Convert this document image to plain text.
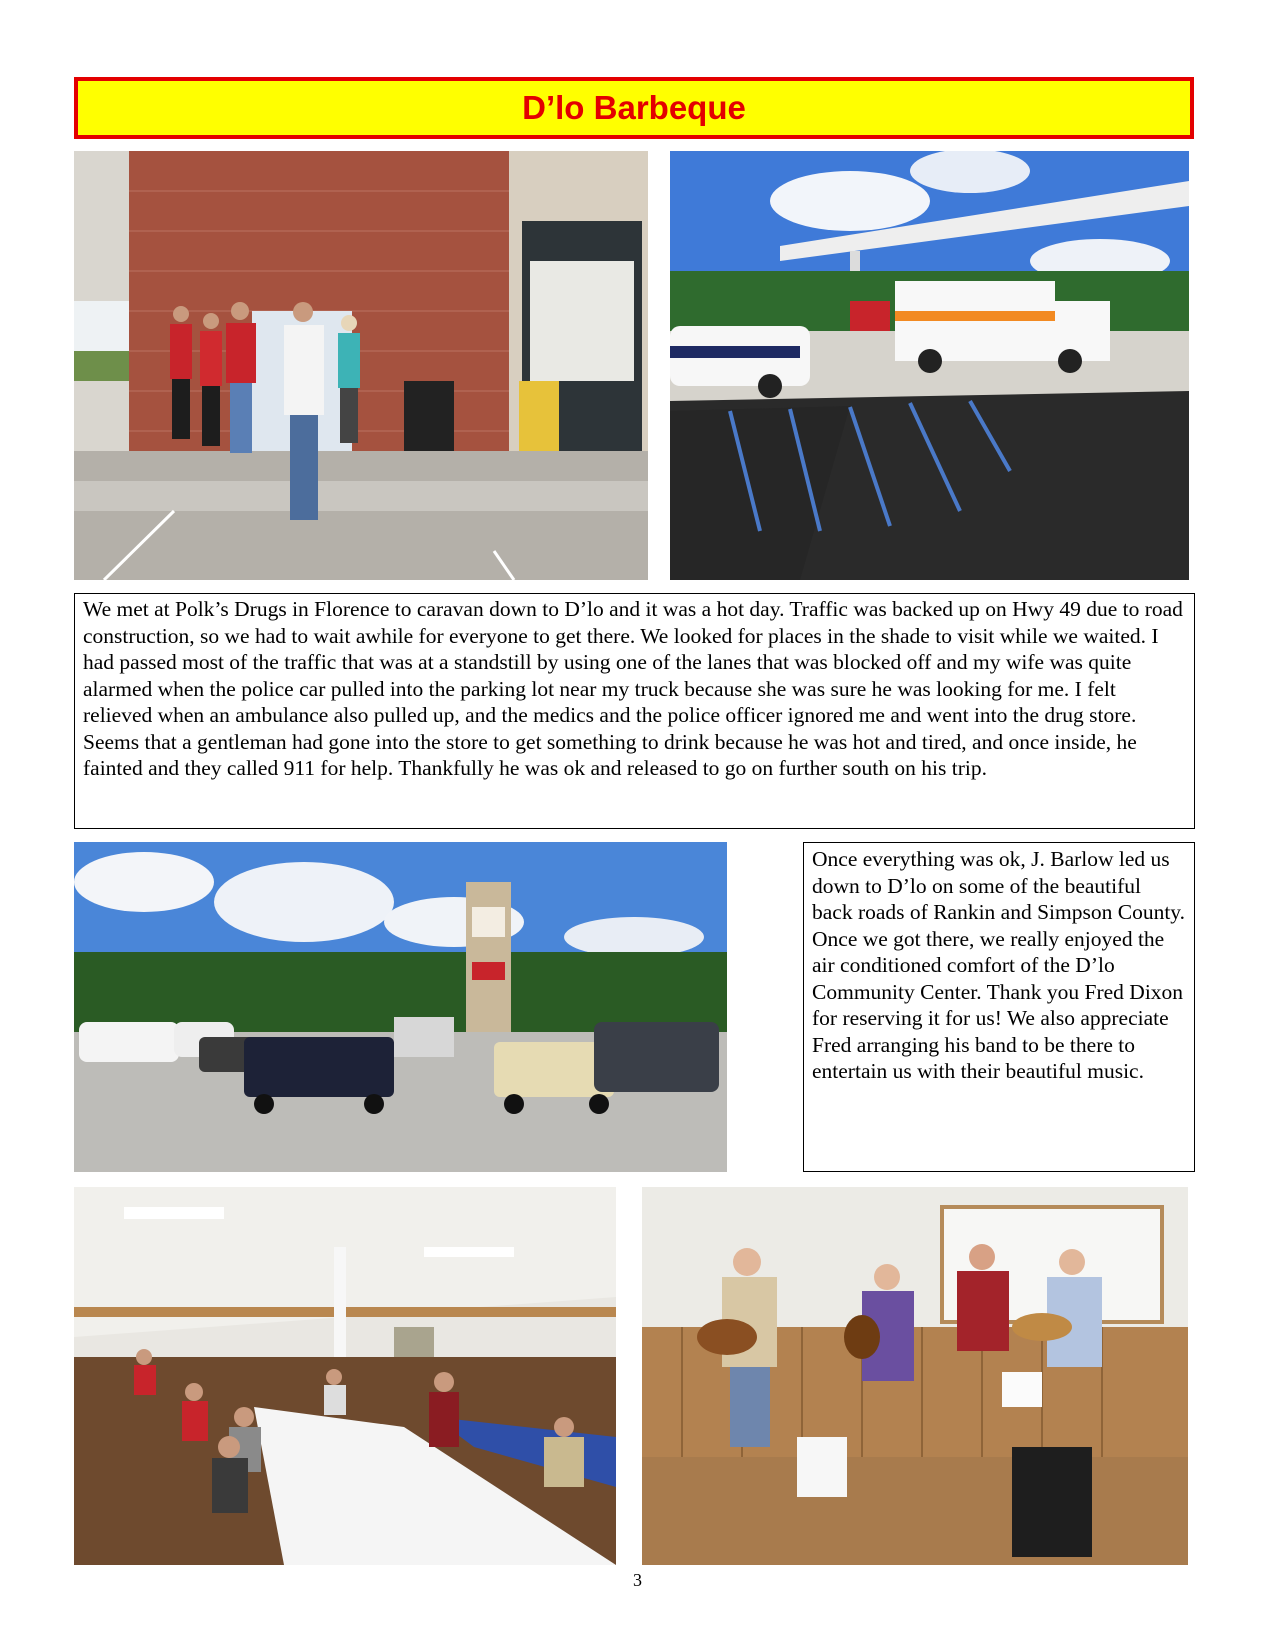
D’lo Barbeque
We met at Polk’s Drugs in Florence to caravan down to D’lo and it was a hot day. Traffic was backed up on Hwy 49 due to road construction, so we had to wait awhile for everyone to get there. We looked for places in the shade to visit while we waited. I had passed most of the traffic that was at a standstill by using one of the lanes that was blocked off and my wife was quite alarmed when the police car pulled into the parking lot near my truck because she was sure he was looking for me. I felt relieved when an ambulance also pulled up, and the medics and the police officer ignored me and went into the drug store. Seems that a gentleman had gone into the store to get something to drink because he was hot and tired, and once inside, he fainted and they called 911 for help. Thankfully he was ok and released to go on further south on his trip.
Once everything was ok, J. Barlow led us down to D’lo on some of the beautiful back roads of Rankin and Simpson County. Once we got there, we really enjoyed the air conditioned comfort of the D’lo Community Center. Thank you Fred Dixon for reserving it for us! We also appreciate Fred arranging his band to be there to entertain us with their beautiful music.
3
